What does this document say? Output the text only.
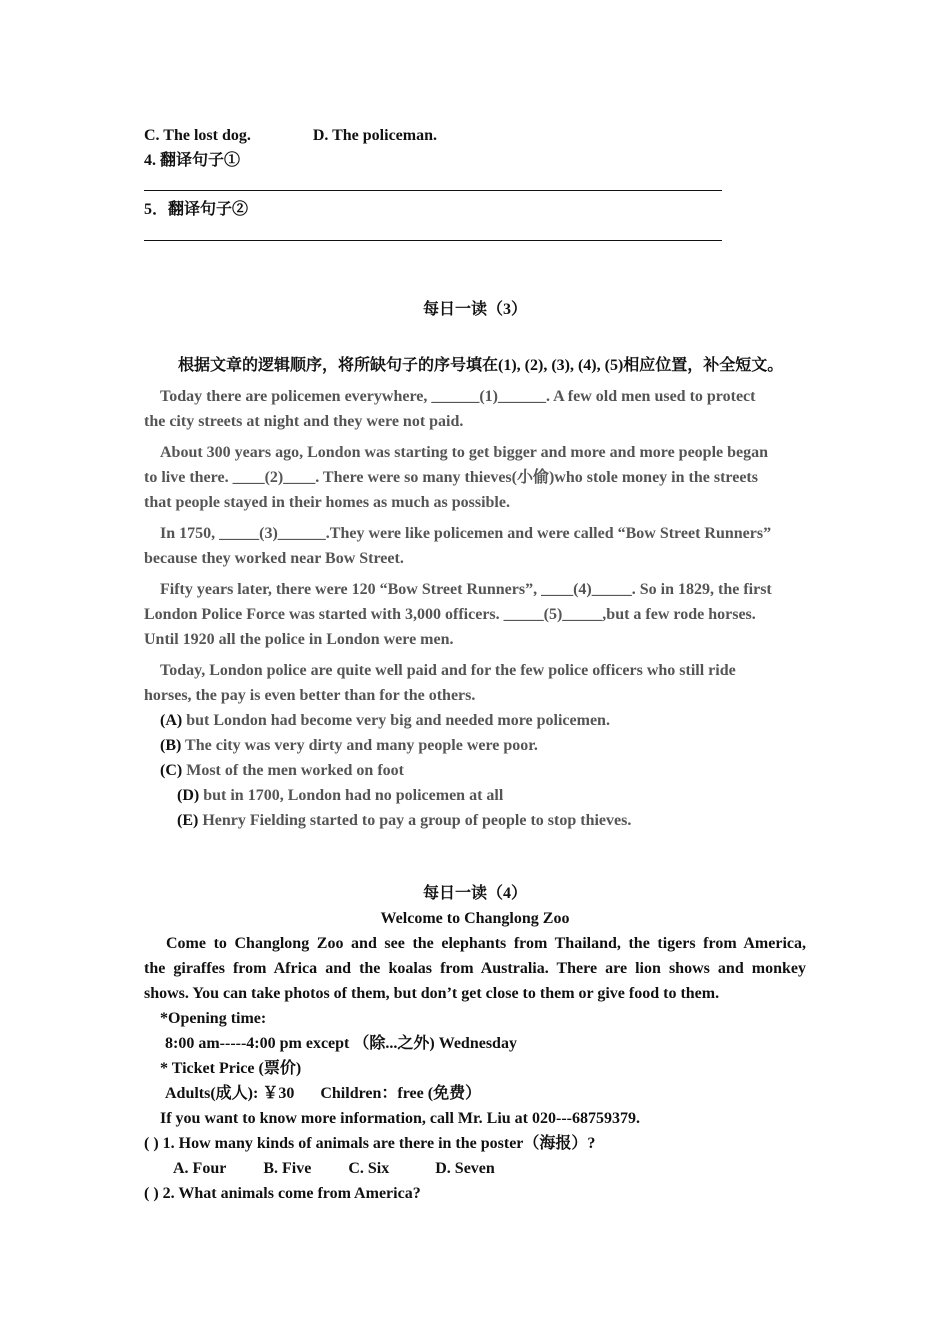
C. The lost dog.	D. The policeman.
4. 翻译句子①
5．翻译句子②
每日一读（3）
根据文章的逻辑顺序，将所缺句子的序号填在(1), (2), (3), (4), (5)相应位置，补全短文。
Today there are policemen everywhere, ______(1)______. A few old men used to protect
the city streets at night and they were not paid.
About 300 years ago, London was starting to get bigger and more and more people began
to live there. ____(2)____. There were so many thieves(小偷)who stole money in the streets
that people stayed in their homes as much as possible.
In 1750, _____(3)______.They were like policemen and were called “Bow Street Runners”
because they worked near Bow Street.
Fifty years later, there were 120 “Bow Street Runners”, ____(4)_____. So in 1829, the first
London Police Force was started with 3,000 officers. _____(5)_____,but a few rode horses.
Until 1920 all the police in London were men.
Today, London police are quite well paid and for the few police officers who still ride
horses, the pay is even better than for the others.
(A) but London had become very big and needed more policemen.
(B) The city was very dirty and many people were poor.
(C) Most of the men worked on foot
(D) but in 1700, London had no policemen at all
(E) Henry Fielding started to pay a group of people to stop thieves.
每日一读（4）
Welcome to Changlong Zoo
Come to Changlong Zoo and see the elephants from Thailand, the tigers from America,
the giraffes from Africa and the koalas from Australia. There are lion shows and monkey
shows. You can take photos of them, but don’t get close to them or give food to them.
*Opening time:
8:00 am-----4:00 pm except （除...之外) Wednesday
* Ticket Price (票价)
Adults(成人): ￥30 Children：free (免费）
If you want to know more information, call Mr. Liu at 020---68759379.
( ) 1. How many kinds of animals are there in the poster（海报）?
A. Four B. Five C. Six	D. Seven
( ) 2. What animals come from America?
